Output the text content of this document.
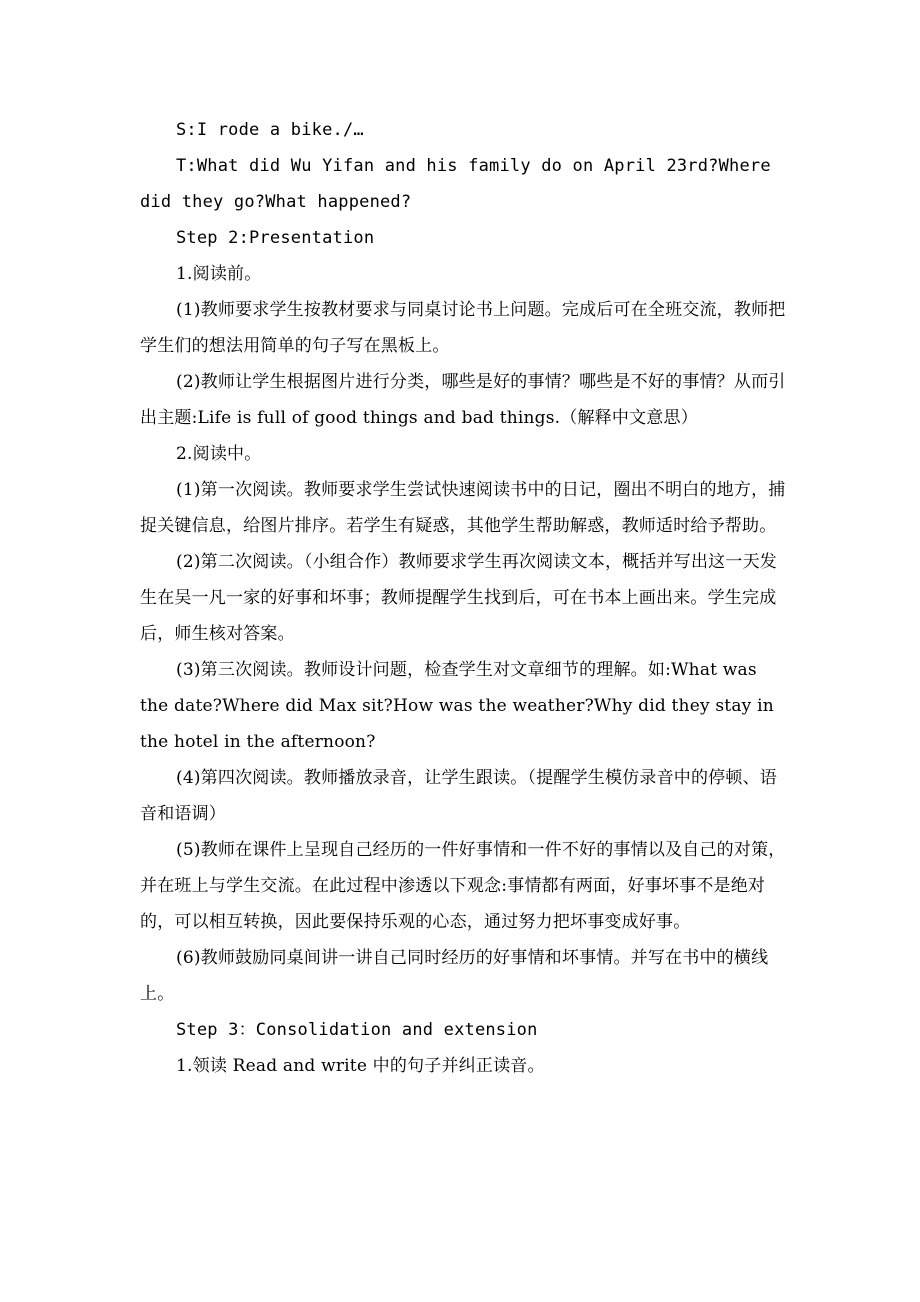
S:I rode a bike./…

T:What did Wu Yifan and his family do on April 23rd?Where did they go?What happened?

Step 2:Presentation

1.阅读前。

(1)教师要求学生按教材要求与同桌讨论书上问题。完成后可在全班交流，教师把学生们的想法用简单的句子写在黑板上。

(2)教师让学生根据图片进行分类，哪些是好的事情？哪些是不好的事情？从而引出主题:Life is full of good things and bad things.（解释中文意思）

2.阅读中。

(1)第一次阅读。教师要求学生尝试快速阅读书中的日记，圈出不明白的地方，捕捉关键信息，给图片排序。若学生有疑惑，其他学生帮助解惑，教师适时给予帮助。

(2)第二次阅读。（小组合作）教师要求学生再次阅读文本，概括并写出这一天发生在吴一凡一家的好事和坏事；教师提醒学生找到后，可在书本上画出来。学生完成后，师生核对答案。

(3)第三次阅读。教师设计问题，检查学生对文章细节的理解。如:What was the date?Where did Max sit?How was the weather?Why did they stay in the hotel in the afternoon?

(4)第四次阅读。教师播放录音，让学生跟读。（提醒学生模仿录音中的停顿、语音和语调）

(5)教师在课件上呈现自己经历的一件好事情和一件不好的事情以及自己的对策，并在班上与学生交流。在此过程中渗透以下观念:事情都有两面，好事坏事不是绝对的，可以相互转换，因此要保持乐观的心态，通过努力把坏事变成好事。

(6)教师鼓励同桌间讲一讲自己同时经历的好事情和坏事情。并写在书中的横线上。

Step 3：Consolidation and extension

1.领读 Read and write 中的句子并纠正读音。
